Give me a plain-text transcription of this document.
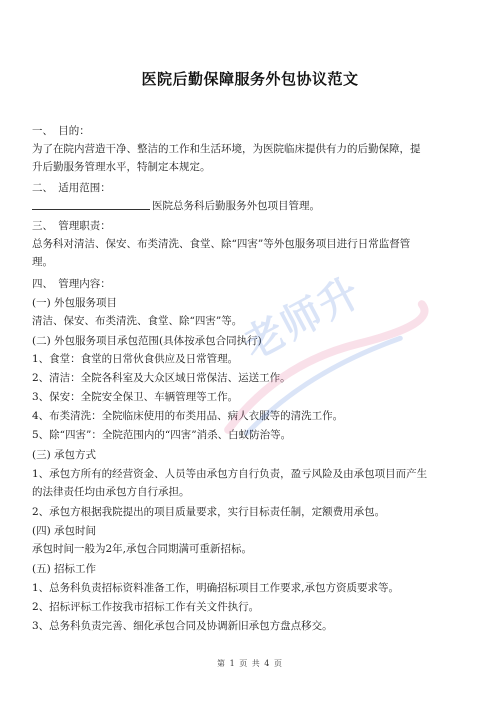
医院后勤保障服务外包协议范文
一、　目的：
为了在院内营造干净、整洁的工作和生活环境，为医院临床提供有力的后勤保障，提
升后勤服务管理水平，特制定本规定。
二、　适用范围：
医院总务科后勤服务外包项目管理。
三、　管理职责：
总务科对清洁、保安、布类清洗、食堂、除“四害”等外包服务项目进行日常监督管
理。
四、　管理内容：
(一) 外包服务项目
清洁、保安、布类清洗、食堂、除“四害”等。
(二) 外包服务项目承包范围(具体按承包合同执行)
1、食堂：食堂的日常伙食供应及日常管理。
2、清洁：全院各科室及大众区域日常保洁、运送工作。
3、保安：全院安全保卫、车辆管理等工作。
4、布类清洗：全院临床使用的布类用品、病人衣服等的清洗工作。
5、除“四害”：全院范围内的“四害”消杀、白蚁防治等。
(三) 承包方式
1、承包方所有的经营资金、人员等由承包方自行负责，盈亏风险及由承包项目而产生
的法律责任均由承包方自行承担。
2、承包方根据我院提出的项目质量要求，实行目标责任制，定额费用承包。
(四) 承包时间
承包时间一般为2年,承包合同期满可重新招标。
(五) 招标工作
1、总务科负责招标资料准备工作，明确招标项目工作要求,承包方资质要求等。
2、招标评标工作按我市招标工作有关文件执行。
3、总务科负责完善、细化承包合同及协调新旧承包方盘点移交。
老师升
第 1 页 共 4 页
